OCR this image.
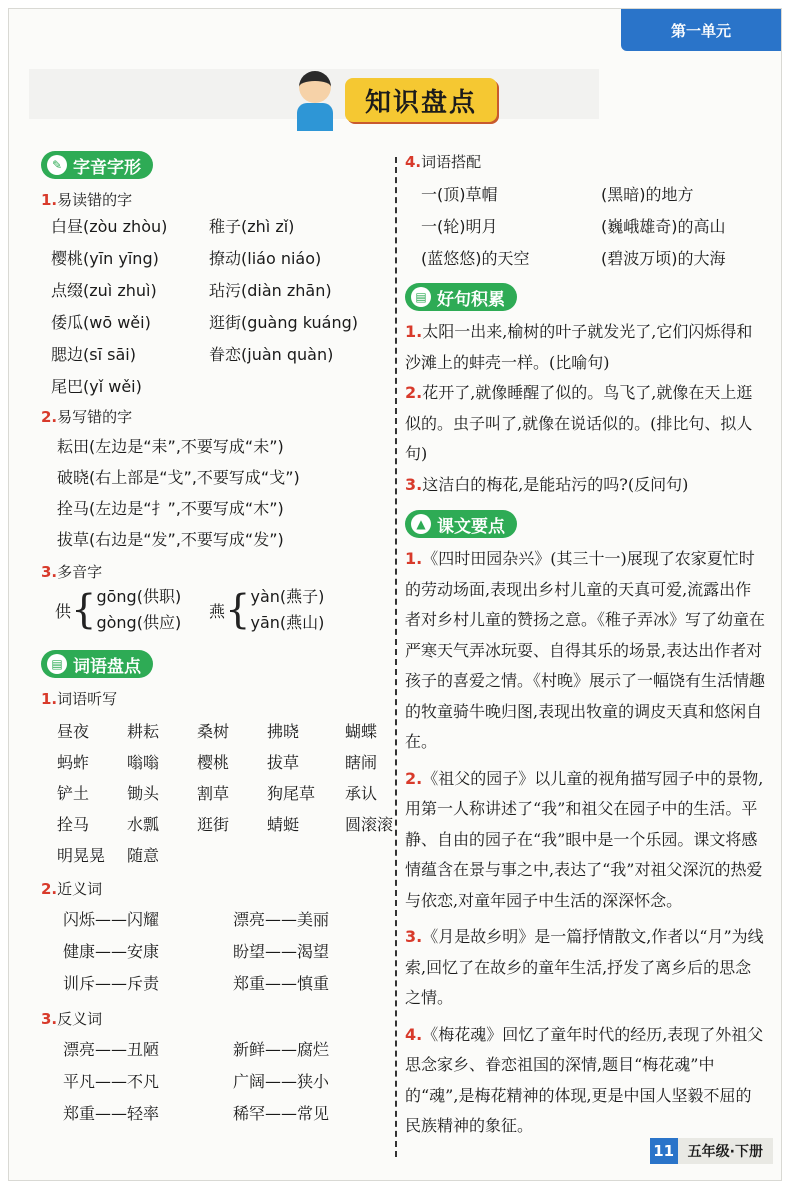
第一单元
知识盘点
✎ 字音字形
1.易读错的字
白昼(zòu zhòu)	稚子(zhì zǐ)
樱桃(yīn yīng)	撩动(liáo niáo)
点缀(zuì zhuì)	玷污(diàn zhān)
倭瓜(wō wěi)	逛街(guàng kuáng)
腮边(sī sāi)	眷恋(juàn quàn)
尾巴(yǐ wěi)
2.易写错的字
耘田(左边是“耒”,不要写成“未”)
破晓(右上部是“戈”,不要写成“戈”)
拴马(左边是“扌”,不要写成“木”)
拔草(右边是“发”,不要写成“发”)
3.多音字
供 { gōng(供职)
gòng(供应)
燕 { yàn(燕子)
yān(燕山)
▤ 词语盘点
1.词语听写
昼夜	耕耘	桑树	拂晓	蝴蝶
蚂蚱	嗡嗡	樱桃	拔草	瞎闹
铲土	锄头	割草	狗尾草	承认
拴马	水瓢	逛街	蜻蜓	圆滚滚
明晃晃	随意
2.近义词
闪烁——闪耀	漂亮——美丽
健康——安康	盼望——渴望
训斥——斥责	郑重——慎重
3.反义词
漂亮——丑陋	新鲜——腐烂
平凡——不凡	广阔——狭小
郑重——轻率	稀罕——常见
4.词语搭配
一(顶)草帽	(黑暗)的地方
一(轮)明月	(巍峨雄奇)的高山
(蓝悠悠)的天空	(碧波万顷)的大海
▤ 好句积累
1.太阳一出来,榆树的叶子就发光了,它们闪烁得和沙滩上的蚌壳一样。(比喻句)
2.花开了,就像睡醒了似的。鸟飞了,就像在天上逛似的。虫子叫了,就像在说话似的。(排比句、拟人句)
3.这洁白的梅花,是能玷污的吗?(反问句)
▲ 课文要点
1.《四时田园杂兴》(其三十一)展现了农家夏忙时的劳动场面,表现出乡村儿童的天真可爱,流露出作者对乡村儿童的赞扬之意。《稚子弄冰》写了幼童在严寒天气弄冰玩耍、自得其乐的场景,表达出作者对孩子的喜爱之情。《村晚》展示了一幅饶有生活情趣的牧童骑牛晚归图,表现出牧童的调皮天真和悠闲自在。
2.《祖父的园子》以儿童的视角描写园子中的景物,用第一人称讲述了“我”和祖父在园子中的生活。平静、自由的园子在“我”眼中是一个乐园。课文将感情蕴含在景与事之中,表达了“我”对祖父深沉的热爱与依恋,对童年园子中生活的深深怀念。
3.《月是故乡明》是一篇抒情散文,作者以“月”为线索,回忆了在故乡的童年生活,抒发了离乡后的思念之情。
4.《梅花魂》回忆了童年时代的经历,表现了外祖父思念家乡、眷恋祖国的深情,题目“梅花魂”中的“魂”,是梅花精神的体现,更是中国人坚毅不屈的民族精神的象征。
11 五年级·下册
